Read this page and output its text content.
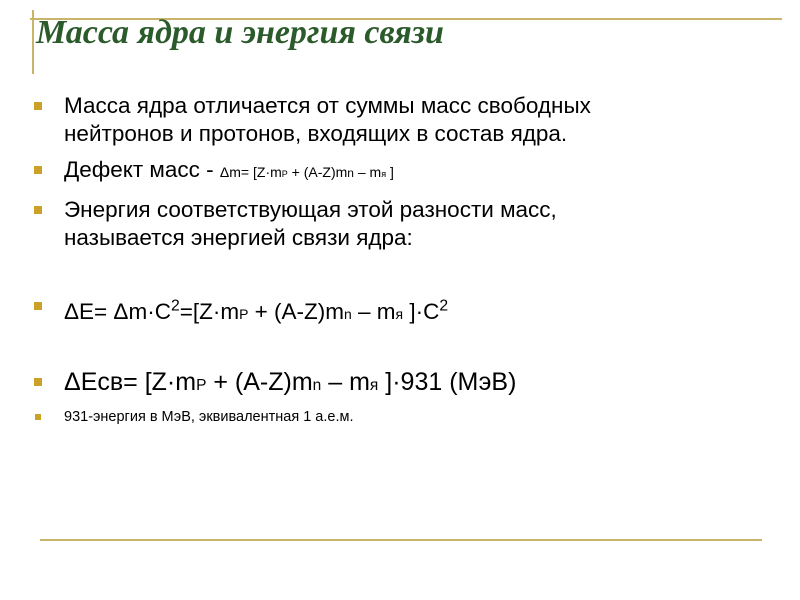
Масса ядра и энергия связи
Масса ядра отличается от суммы масс свободных
нейтронов и протонов, входящих в состав ядра.
Дефект масс - Δm= [Z·mP + (A-Z)mn – mя ]
Энергия соответствующая этой разности масс,
называется энергией связи ядра:
$\Delta E= \Delta m\cdot C^2=[Z\cdot mP + (A-Z)mn$ – mя ]$\cdot C^2$
ΔEсв= [Z·mP + (A-Z)mn – mя ]·931 (МэВ)
931-энергия в МэВ, эквивалентная 1 а.е.м.
